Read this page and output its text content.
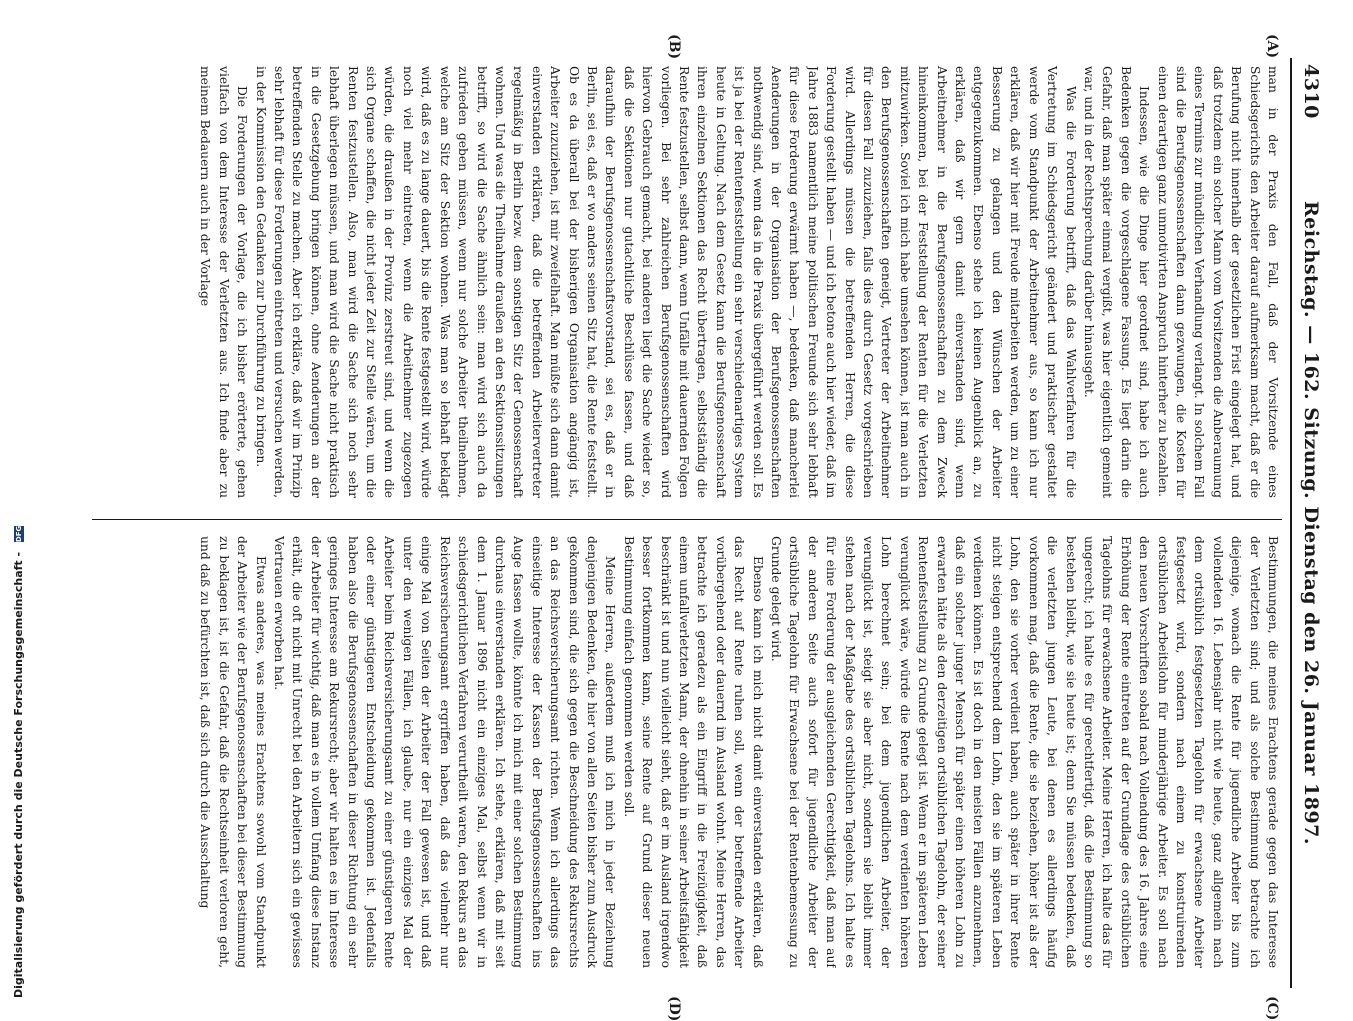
4310
Reichstag. — 162. Sitzung. Dienstag den 26. Januar 1897.
(A)
(B)
(C)
(D)

man in der Praxis den Fall, daß der Vorsitzende eines Schiedsgerichts den Arbeiter darauf aufmerksam macht, daß er die Berufung nicht innerhalb der gesetzlichen Frist eingelegt hat, und daß trotzdem ein solcher Mann vom Vorsitzenden die Anberaumung eines Termins zur mündlichen Verhandlung verlangt. In solchem Fall sind die Berufsgenossenschaften dann gezwungen, die Kosten für einen derartigen ganz unmotivirten Anspruch hinterher zu bezahlen.

Indessen, wie die Dinge hier geordnet sind, habe ich auch Bedenken gegen die vorgeschlagene Fassung. Es liegt darin die Gefahr, daß man später einmal vergißt, was hier eigentlich gemeint war, und in der Rechtsprechung darüber hinausgeht.

Was die Forderung betrifft, daß das Wahlverfahren für die Vertretung im Schiedsgericht geändert und praktischer gestaltet werde vom Standpunkt der Arbeitnehmer aus, so kann ich nur erklären, daß wir hier mit Freude mitarbeiten werden, um zu einer Besserung zu gelangen und den Wünschen der Arbeiter entgegenzukommen. Ebenso stehe ich keinen Augenblick an, zu erklären, daß wir gern damit einverstanden sind, wenn Arbeitnehmer in die Berufsgenossenschaften zu dem Zweck hineinkommen, bei der Feststellung der Renten für die Verletzten mitzuwirken. Soviel ich mich habe umsehen können, ist man auch in den Berufsgenossenschaften geneigt, Vertreter der Arbeitnehmer für diesen Fall zuzuziehen, falls dies durch Gesetz vorgeschrieben wird. Allerdings müssen die betreffenden Herren, die diese Forderung gestellt haben — und ich betone auch hier wieder, daß im Jahre 1883 namentlich meine politischen Freunde sich sehr lebhaft für diese Forderung erwärmt haben —, bedenken, daß mancherlei Aenderungen in der Organisation der Berufsgenossenschaften nothwendig sind, wenn das in die Praxis übergeführt werden soll. Es ist ja bei der Rentenfeststellung ein sehr verschiedenartiges System heute in Geltung. Nach dem Gesetz kann die Berufsgenossenschaft ihren einzelnen Sektionen das Recht übertragen, selbstständig die Rente festzustellen, selbst dann, wenn Unfälle mit dauernden Folgen vorliegen. Bei sehr zahlreichen Berufsgenossenschaften wird hiervon Gebrauch gemacht, bei anderen liegt die Sache wieder so, daß die Sektionen nur gutachtliche Beschlüsse fassen, und daß daraufhin der Berufsgenossenschaftsvorstand, sei es, daß er in Berlin, sei es, daß er wo anders seinen Sitz hat, die Rente feststellt. Ob es da überall bei der bisherigen Organisation angängig ist, Arbeiter zuzuziehen, ist mir zweifelhaft. Man müßte sich dann damit einverstanden erklären, daß die betreffenden Arbeitervertreter regelmäßig in Berlin bezw. dem sonstigen Sitz der Genossenschaft wohnen. Und was die Theilnahme draußen an den Sektionssitzungen betrifft, so wird die Sache ähnlich sein: man wird sich auch da zufrieden geben müssen, wenn nur solche Arbeiter theilnehmen, welche am Sitz der Sektion wohnen. Was man so lebhaft beklagt wird, daß es zu lange dauert, bis die Rente festgestellt wird, würde noch viel mehr eintreten, wenn die Arbeitnehmer zugezogen würden, die draußen in der Provinz zerstreut sind, und wenn die sich Organe schaffen, die nicht jeder Zeit zur Stelle wären, um die Renten festzustellen. Also, man wird die Sache sich noch sehr lebhaft überlegen müssen, und man wird die Sache nicht praktisch in die Gesetzgebung bringen können, ohne Aenderungen an der betreffenden Stelle zu machen. Aber ich erkläre, daß wir im Prinzip sehr lebhaft für diese Forderungen eintreten und versuchen werden, in der Kommission den Gedanken zur Durchführung zu bringen.

Die Forderungen der Vorlage, die ich bisher erörterte, gehen vielfach von dem Interesse der Verletzten aus. Ich finde aber zu meinem Bedauern auch in der Vorlage

Bestimmungen, die meines Erachtens gerade gegen das Interesse der Verletzten sind; und als solche Bestimmung betrachte ich diejenige, wonach die Rente für jugendliche Arbeiter bis zum vollendeten 16. Lebensjahr nicht wie heute, ganz allgemein nach dem ortsüblich festgesetzten Tagelohn für erwachsene Arbeiter festgesetzt wird, sondern nach einem zu konstruirenden ortsüblichen Arbeitslohn für minderjährige Arbeiter. Es soll nach den neuen Vorschriften sobald nach Vollendung des 16. Jahres eine Erhöhung der Rente eintreten auf der Grundlage des ortsüblichen Tagelohns für erwachsene Arbeiter. Meine Herren, ich halte das für ungerecht; ich halte es für gerechtfertigt, daß die Bestimmung so bestehen bleibt, wie sie heute ist; denn Sie müssen bedenken, daß die verletzten jungen Leute, bei denen es allerdings häufig vorkommen mag, daß die Rente, die sie beziehen, höher ist als der Lohn, den sie vorher verdient haben, auch später in ihrer Rente nicht steigen entsprechend dem Lohn, den sie im späteren Leben verdienen können. Es ist doch in den meisten Fällen anzunehmen, daß ein solcher junger Mensch für später einen höheren Lohn zu erwarten hätte als den derzeitigen ortsüblichen Tagelohn, der seiner Rentenfeststellung zu Grunde gelegt ist. Wenn er im späteren Leben verunglückt wäre, würde die Rente nach dem verdienten höheren Lohn berechnet sein; bei dem jugendlichen Arbeiter, der verunglückt ist, steigt sie aber nicht, sondern sie bleibt immer stehen nach der Maßgabe des ortsüblichen Tagelohns. Ich halte es für eine Forderung der ausgleichenden Gerechtigkeit, daß man auf der anderen Seite auch sofort für jugendliche Arbeiter der ortsübliche Tagelohn für Erwachsene bei der Rentenbemessung zu Grunde gelegt wird.

Ebenso kann ich mich nicht damit einverstanden erklären, daß das Recht auf Rente ruhen soll, wenn der betreffende Arbeiter vorübergehend oder dauernd im Ausland wohnt. Meine Herren, das betrachte ich geradezu als ein Eingriff in die Freizügigkeit, daß einem unfallverletzten Mann, der ohnehin in seiner Arbeitsfähigkeit beschränkt ist und nun vielleicht sieht, daß er im Ausland irgendwo besser fortkommen kann, seine Rente auf Grund dieser neuen Bestimmung einfach genommen werden soll.

Meine Herren, außerdem muß ich mich in jeder Beziehung denjenigen Bedenken, die hier von allen Seiten bisher zum Ausdruck gekommen sind, die sich gegen die Beschneidung des Rekursrechts an das Reichsversicherungsamt richten. Wenn ich allerdings das einseitige Interesse der Kassen der Berufsgenossenschaften ins Auge fassen wollte, könnte ich mich mit einer solchen Bestimmung durchaus einverstanden erklären. Ich stehe, erklären, daß mit seit dem 1. Januar 1896 nicht ein einziges Mal, selbst wenn wir in schiedsgerichtlichen Verfahren verurtheilt waren, den Rekurs an das Reichsversicherungsamt ergriffen haben, daß das vielmehr nur einige Mal von Seiten der Arbeiter der Fall gewesen ist, und daß unter den wenigen Fällen, ich glaube, nur ein einziges Mal der Arbeiter beim Reichsversicherungsamt zu einer günstigeren Rente oder einer günstigeren Entscheidung gekommen ist. Jedenfalls haben also die Berufsgenossenschaften in dieser Richtung ein sehr geringes Interesse am Rekursrecht; aber wir halten es im Interesse der Arbeiter für wichtig, daß man es in vollem Umfang diese Instanz erhält, die oft nicht mit Unrecht bei den Arbeitern sich ein gewisses Vertrauen erworben hat.

Etwas anderes, was meines Erachtens sowohl vom Standpunkt der Arbeiter wie der Berufsgenossenschaften bei dieser Bestimmung zu beklagen ist, ist die Gefahr, daß die Rechtseinheit verloren geht, und daß zu befürchten ist, daß sich durch die Ausschaltung

Digitalisierung gefördert durch die Deutsche Forschungsgemeinschaft - DFG
